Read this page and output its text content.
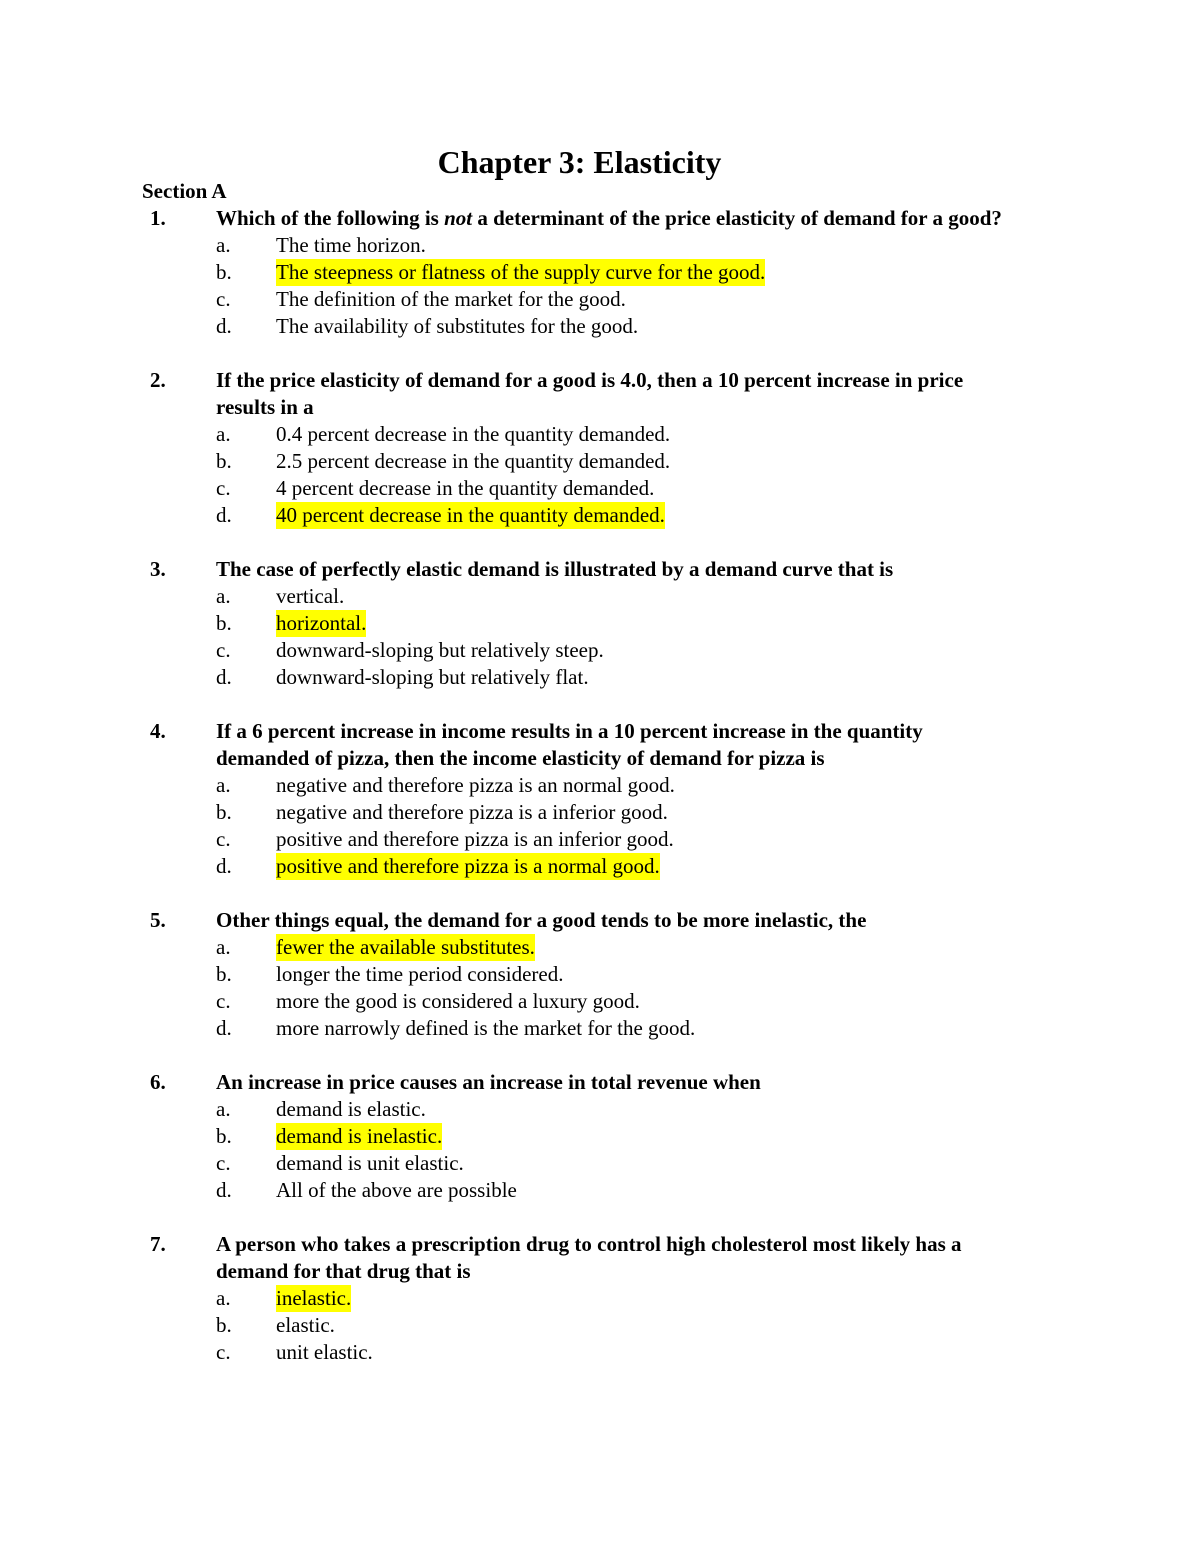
Chapter 3: Elasticity
Section A
1. Which of the following is not a determinant of the price elasticity of demand for a good?
a. The time horizon.
b. The steepness or flatness of the supply curve for the good.
c. The definition of the market for the good.
d. The availability of substitutes for the good.
2. If the price elasticity of demand for a good is 4.0, then a 10 percent increase in price results in a
a. 0.4 percent decrease in the quantity demanded.
b. 2.5 percent decrease in the quantity demanded.
c. 4 percent decrease in the quantity demanded.
d. 40 percent decrease in the quantity demanded.
3. The case of perfectly elastic demand is illustrated by a demand curve that is
a. vertical.
b. horizontal.
c. downward-sloping but relatively steep.
d. downward-sloping but relatively flat.
4. If a 6 percent increase in income results in a 10 percent increase in the quantity demanded of pizza, then the income elasticity of demand for pizza is
a. negative and therefore pizza is an normal good.
b. negative and therefore pizza is a inferior good.
c. positive and therefore pizza is an inferior good.
d. positive and therefore pizza is a normal good.
5. Other things equal, the demand for a good tends to be more inelastic, the
a. fewer the available substitutes.
b. longer the time period considered.
c. more the good is considered a luxury good.
d. more narrowly defined is the market for the good.
6. An increase in price causes an increase in total revenue when
a. demand is elastic.
b. demand is inelastic.
c. demand is unit elastic.
d. All of the above are possible
7. A person who takes a prescription drug to control high cholesterol most likely has a demand for that drug that is
a. inelastic.
b. elastic.
c. unit elastic.
